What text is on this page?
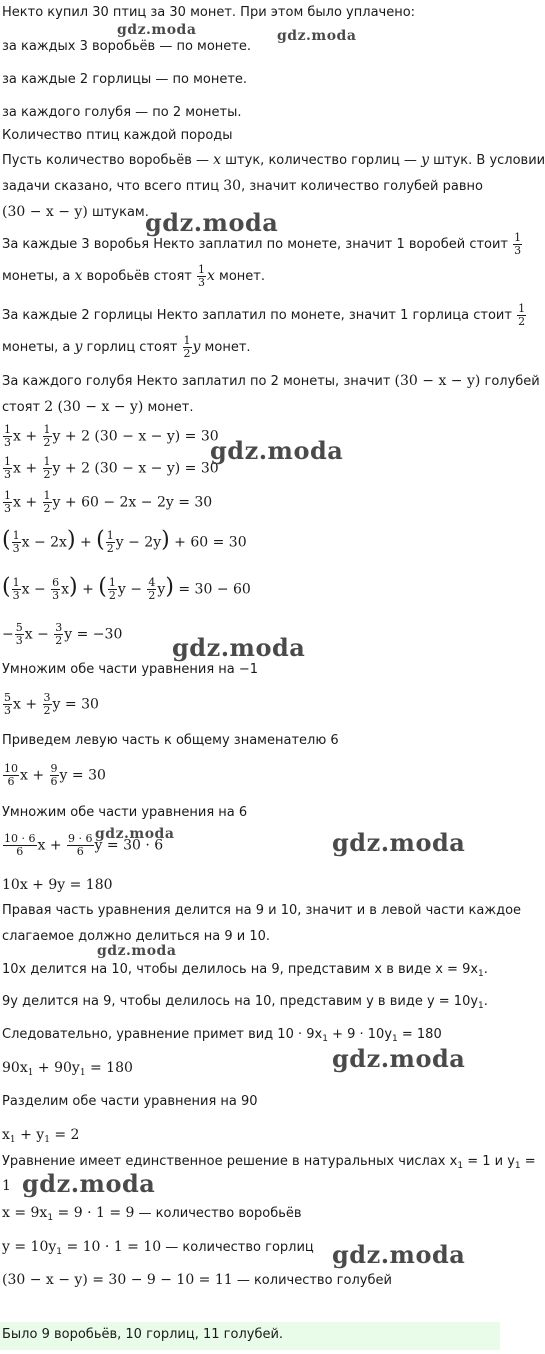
Некто купил 30 птиц за 30 монет. При этом было уплачено:
за каждых 3 воробьёв — по монете.
за каждые 2 горлицы — по монете.
за каждого голубя — по 2 монеты.
Количество птиц каждой породы
Пусть количество воробьёв — x штук, количество горлиц — y штук. В условии
задачи сказано, что всего птиц 30, значит количество голубей равно
(30 − x − y) штукам.
За каждые 3 воробья Некто заплатил по монете, значит 1 воробей стоит $\frac{1}{3}$
монеты, а x воробьёв стоят $\frac{1}{3}$ x монет.
За каждые 2 горлицы Некто заплатил по монете, значит 1 горлица стоит $\frac{1}{2}$
монеты, а y горлиц стоят $\frac{1}{2}$ y монет.
За каждого голубя Некто заплатил по 2 монеты, значит (30 − x − y) голубей
стоят 2 (30 − x − y) монет.
$\frac{1}{3}$ $x + \frac{1}{2}$ y + 2 (30 − x − y) = 30
$\frac{1}{3}$ $x + \frac{1}{2}$ y + 2 (30 − x − y) = 30
$\frac{1}{3}$ $x + \frac{1}{2}$ y + 60 − 2x − 2y = 30
( $\frac{1}{3}$ x − 2x) + ( $\frac{1}{2}$ y − 2y) + 60 = 30
( $\frac{1}{3}$ $x - \frac{6}{3} x$) + ( $\frac{1}{2}$ $y - \frac{4}{2} y) = 30 - 60$
− $\frac{5}{3}$ $x - \frac{3}{2}$ y = −30
Умножим обе части уравнения на −1
$\frac{5}{3}$ $x + \frac{3}{2}$ y = 30
Приведем левую часть к общему знаменателю 6
$\frac{10}{6}$ $x + \frac{9}{6}$ y = 30
Умножим обе части уравнения на 6
$\frac{10 \cdot 6}{6}$ $x + \frac{9 \cdot 6}{6}$ y = 30 · 6
10x + 9y = 180
Правая часть уравнения делится на 9 и 10, значит и в левой части каждое
слагаемое должно делиться на 9 и 10.
10x делится на 10, чтобы делилось на 9, представим x в виде $x = 9x_1$.
9y делится на 9, чтобы делилось на 10, представим y в виде $y = 10y_1$.
Следовательно, уравнение примет вид $10 \cdot 9x_1 + 9 \cdot 10y_1 = 180$
$90x_1 + 90y_1 = 180$
Разделим обе части уравнения на 90
$x_1 + y_1 = 2$
Уравнение имеет единственное решение в натуральных числах $x_1 = 1$ и $y_1$ =
1
$x = 9x_1 = 9 \cdot 1 = 9$ — количество воробьёв
$y = 10y_1 = 10 \cdot 1 = 10$ — количество горлиц
(30 − x − y) = 30 − 9 − 10 = 11 — количество голубей
Было 9 воробьёв, 10 горлиц, 11 голубей.
gdz.moda	gdz.moda
gdz.moda
gdz.moda
gdz.moda
gdz.moda	gdz.moda
gdz.moda
gdz.moda
gdz.moda
gdz.moda
